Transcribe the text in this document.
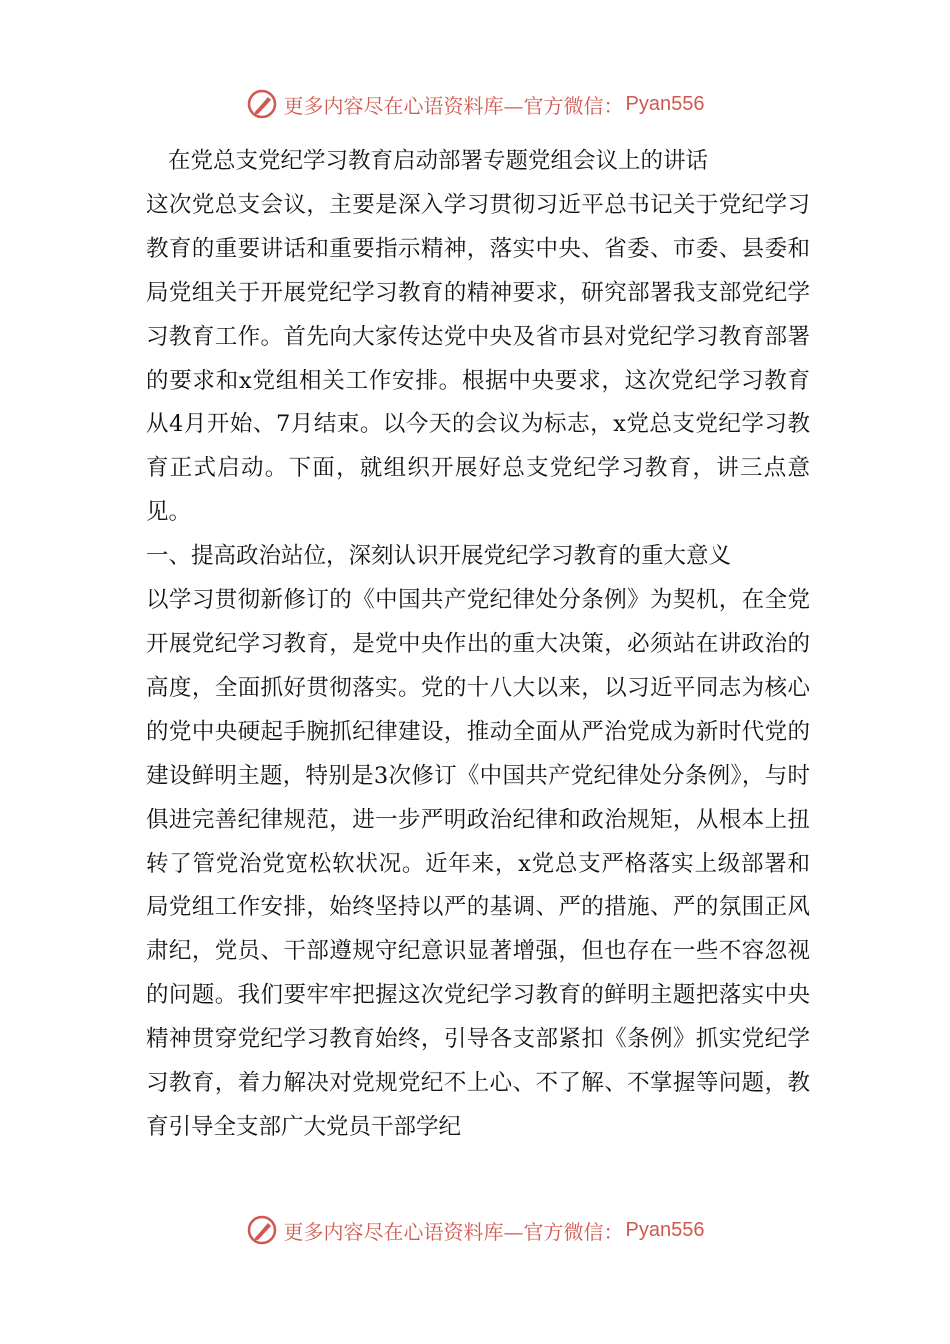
更多内容尽在心语资料库—官方微信： Pyan556

在党总支党纪学习教育启动部署专题党组会议上的讲话

这次党总支会议，主要是深入学习贯彻习近平总书记关于党纪学习教育的重要讲话和重要指示精神，落实中央、省委、市委、县委和局党组关于开展党纪学习教育的精神要求，研究部署我支部党纪学习教育工作。首先向大家传达党中央及省市县对党纪学习教育部署的要求和x党组相关工作安排。根据中央要求，这次党纪学习教育从4月开始、7月结束。以今天的会议为标志，x党总支党纪学习教育正式启动。下面，就组织开展好总支党纪学习教育，讲三点意见。

一、提高政治站位，深刻认识开展党纪学习教育的重大意义

以学习贯彻新修订的《中国共产党纪律处分条例》为契机，在全党开展党纪学习教育，是党中央作出的重大决策，必须站在讲政治的高度，全面抓好贯彻落实。党的十八大以来，以习近平同志为核心的党中央硬起手腕抓纪律建设，推动全面从严治党成为新时代党的建设鲜明主题，特别是3次修订《中国共产党纪律处分条例》，与时俱进完善纪律规范，进一步严明政治纪律和政治规矩，从根本上扭转了管党治党宽松软状况。近年来，x党总支严格落实上级部署和局党组工作安排，始终坚持以严的基调、严的措施、严的氛围正风肃纪，党员、干部遵规守纪意识显著增强，但也存在一些不容忽视的问题。我们要牢牢把握这次党纪学习教育的鲜明主题把落实中央精神贯穿党纪学习教育始终，引导各支部紧扣《条例》抓实党纪学习教育，着力解决对党规党纪不上心、不了解、不掌握等问题，教育引导全支部广大党员干部学纪

更多内容尽在心语资料库—官方微信： Pyan556
